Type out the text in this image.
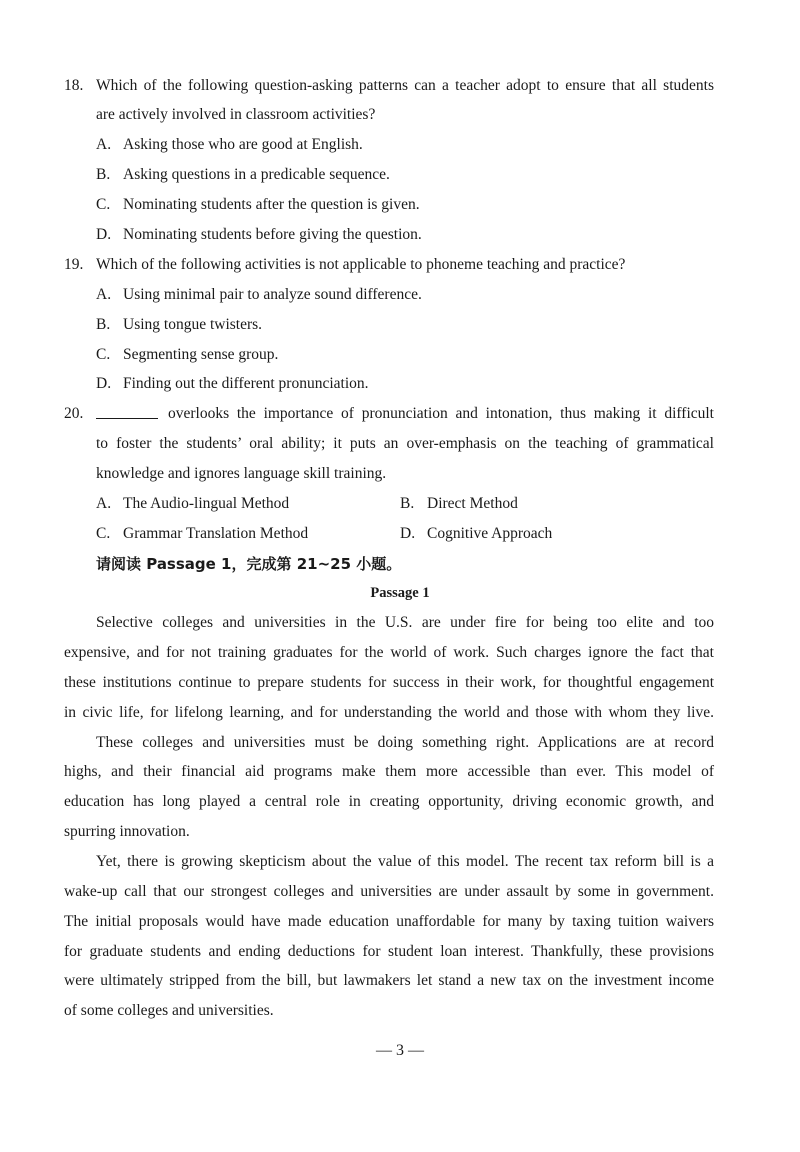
18. Which of the following question-asking patterns can a teacher adopt to ensure that all students
are actively involved in classroom activities?
A. Asking those who are good at English.
B. Asking questions in a predicable sequence.
C. Nominating students after the question is given.
D. Nominating students before giving the question.
19. Which of the following activities is not applicable to phoneme teaching and practice?
A. Using minimal pair to analyze sound difference.
B. Using tongue twisters.
C. Segmenting sense group.
D. Finding out the different pronunciation.
20.	overlooks the importance of pronunciation and intonation, thus making it difficult
to foster the students’ oral ability; it puts an over-emphasis on the teaching of grammatical
knowledge and ignores language skill training.
A. The Audio-lingual Method	B. Direct Method
C. Grammar Translation Method	D. Cognitive Approach
请阅读 Passage 1，完成第 21~25 小题。
Passage 1
Selective colleges and universities in the U.S. are under fire for being too elite and too
expensive, and for not training graduates for the world of work. Such charges ignore the fact that
these institutions continue to prepare students for success in their work, for thoughtful engagement
in civic life, for lifelong learning, and for understanding the world and those with whom they live.
These colleges and universities must be doing something right. Applications are at record
highs, and their financial aid programs make them more accessible than ever. This model of
education has long played a central role in creating opportunity, driving economic growth, and
spurring innovation.
Yet, there is growing skepticism about the value of this model. The recent tax reform bill is a
wake-up call that our strongest colleges and universities are under assault by some in government.
The initial proposals would have made education unaffordable for many by taxing tuition waivers
for graduate students and ending deductions for student loan interest. Thankfully, these provisions
were ultimately stripped from the bill, but lawmakers let stand a new tax on the investment income
of some colleges and universities.
— 3 —
